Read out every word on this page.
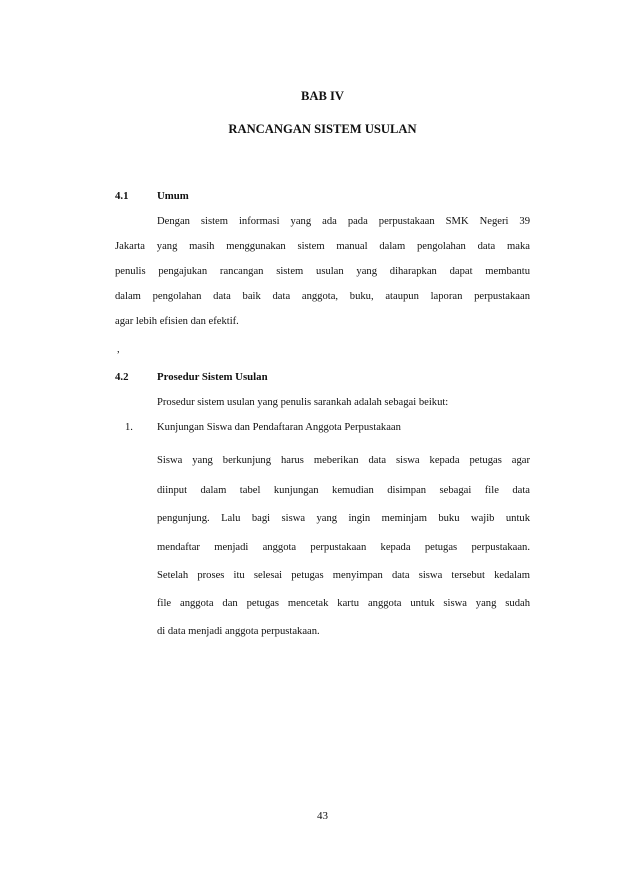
BAB IV
RANCANGAN SISTEM USULAN
4.1	Umum
Dengan sistem informasi yang ada pada perpustakaan SMK Negeri 39
Jakarta yang masih menggunakan sistem manual dalam pengolahan data maka
penulis pengajukan rancangan sistem usulan yang diharapkan dapat membantu
dalam pengolahan data baik data anggota, buku, ataupun laporan perpustakaan
agar lebih efisien dan efektif.
,
4.2	Prosedur Sistem Usulan
Prosedur sistem usulan yang penulis sarankah adalah sebagai beikut:
1. Kunjungan Siswa dan Pendaftaran Anggota Perpustakaan
Siswa yang berkunjung harus meberikan data siswa kepada petugas agar
diinput dalam tabel kunjungan kemudian disimpan sebagai file data
pengunjung. Lalu bagi siswa yang ingin meminjam buku wajib untuk
mendaftar menjadi anggota perpustakaan kepada petugas perpustakaan.
Setelah proses itu selesai petugas menyimpan data siswa tersebut kedalam
file anggota dan petugas mencetak kartu anggota untuk siswa yang sudah
di data menjadi anggota perpustakaan.
43
